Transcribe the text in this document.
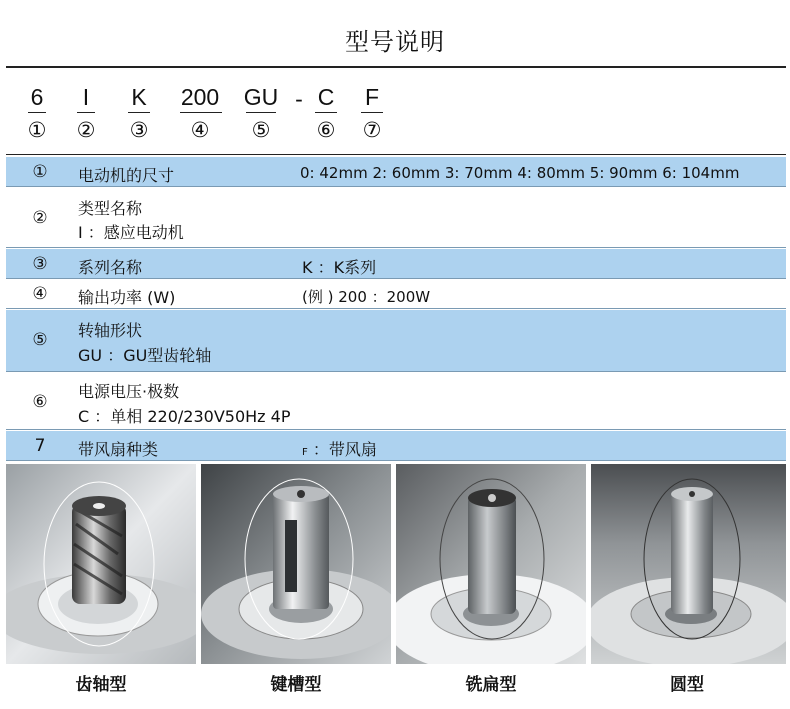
型号说明
6	I	K	200 GU - C	F
①	②	③	④	⑤	⑥	⑦
①	电动机的尺寸	0: 42mm 2: 60mm 3: 70mm 4: 80mm 5: 90mm 6: 104mm
②	类型名称
I ：感应电动机
③	系列名称	K ：K系列
④	输出功率 (W)	(例 ) 200 ：200W
⑤	转轴形状
GU ：GU型齿轮轴
⑥
电源电压·极数
C ：单相 220/230V50Hz 4P
7	带风扇种类	F ：带风扇
齿轴型	键槽型	铣扁型	圆型
